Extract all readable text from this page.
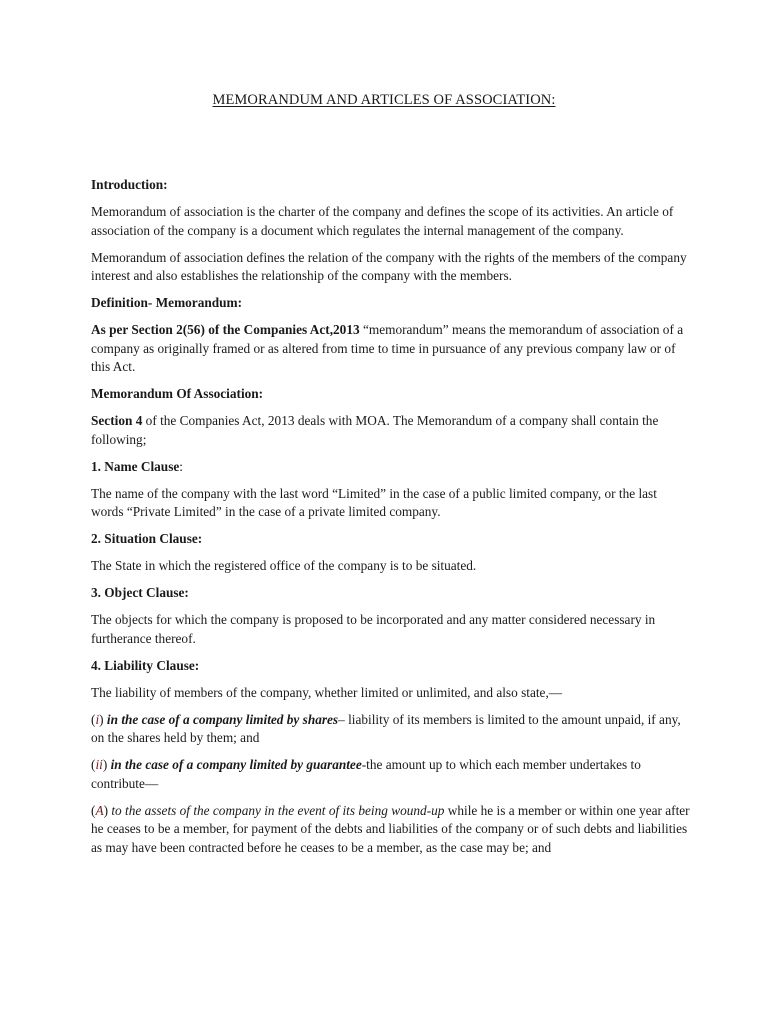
MEMORANDUM AND ARTICLES OF ASSOCIATION:

Introduction:

Memorandum of association is the charter of the company and defines the scope of its activities. An article of association of the company is a document which regulates the internal management of the company.

Memorandum of association defines the relation of the company with the rights of the members of the company interest and also establishes the relationship of the company with the members.

Definition- Memorandum:

As per Section 2(56) of the Companies Act,2013 “memorandum” means the memorandum of association of a company as originally framed or as altered from time to time in pursuance of any previous company law or of this Act.

Memorandum Of Association:

Section 4 of the Companies Act, 2013 deals with MOA. The Memorandum of a company shall contain the following;

1. Name Clause:

The name of the company with the last word “Limited” in the case of a public limited company, or the last words “Private Limited” in the case of a private limited company.

2. Situation Clause:

The State in which the registered office of the company is to be situated.

3. Object Clause:

The objects for which the company is proposed to be incorporated and any matter considered necessary in furtherance thereof.

4. Liability Clause:

The liability of members of the company, whether limited or unlimited, and also state,—

(i) in the case of a company limited by shares– liability of its members is limited to the amount unpaid, if any, on the shares held by them; and

(ii) in the case of a company limited by guarantee-the amount up to which each member undertakes to contribute—

(A) to the assets of the company in the event of its being wound-up while he is a member or within one year after he ceases to be a member, for payment of the debts and liabilities of the company or of such debts and liabilities as may have been contracted before he ceases to be a member, as the case may be; and
